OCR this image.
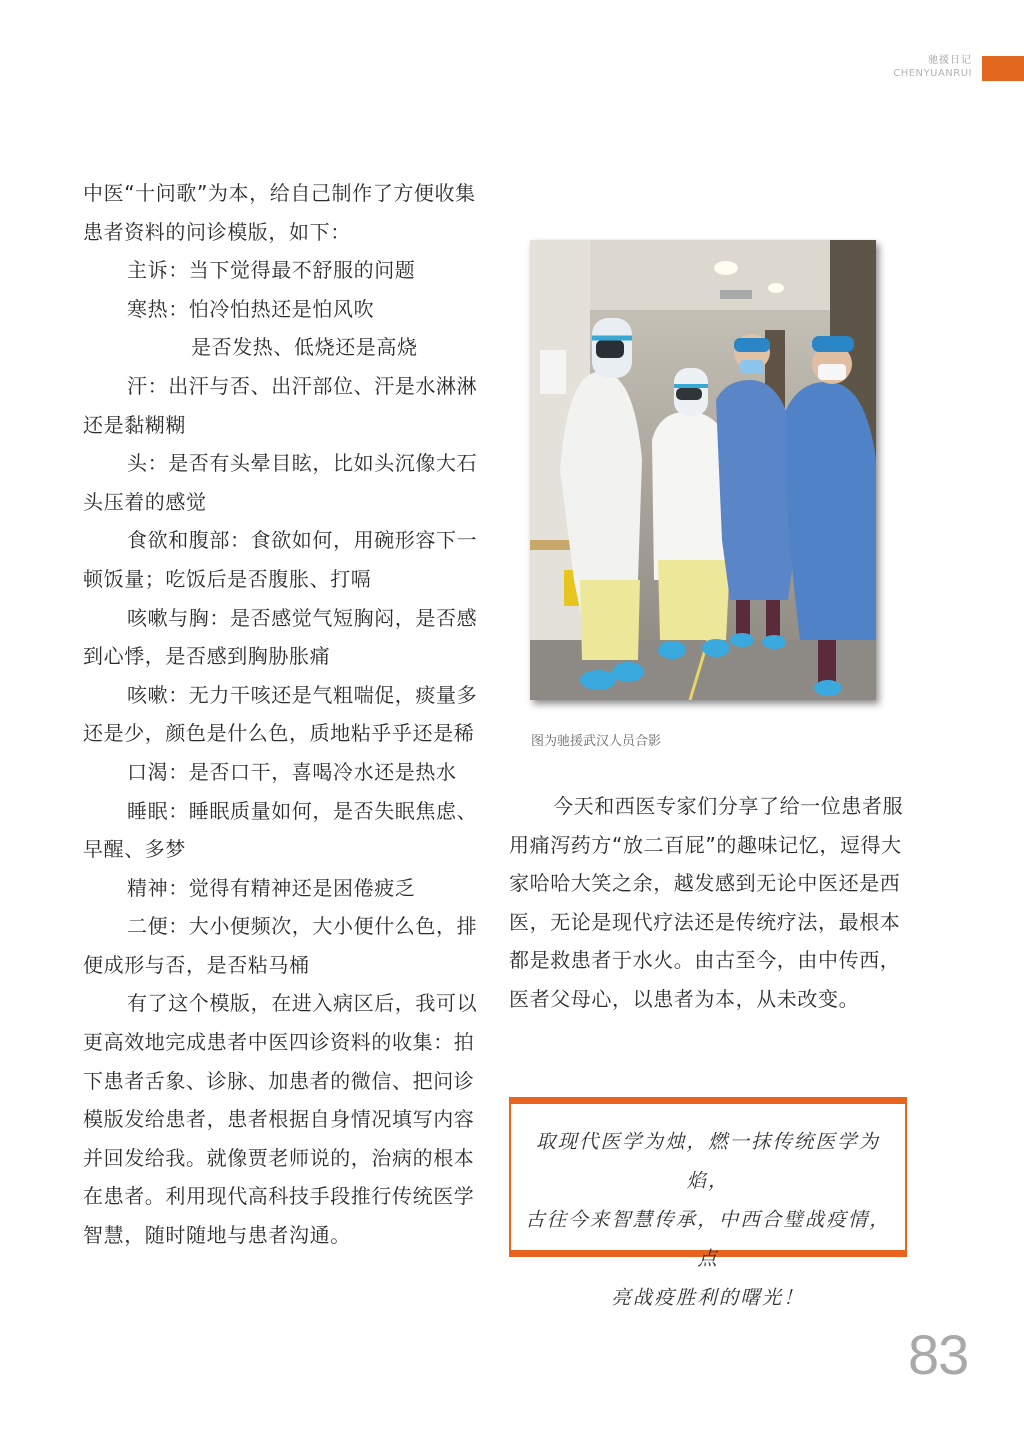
驰援日记
CHENYUANRUI

中医“十问歌”为本，给自己制作了方便收集患者资料的问诊模版，如下：

主诉：当下觉得最不舒服的问题

寒热：怕冷怕热还是怕风吹

是否发热、低烧还是高烧

汗：出汗与否、出汗部位、汗是水淋淋还是黏糊糊

头：是否有头晕目眩，比如头沉像大石头压着的感觉

食欲和腹部：食欲如何，用碗形容下一顿饭量；吃饭后是否腹胀、打嗝

咳嗽与胸：是否感觉气短胸闷，是否感到心悸，是否感到胸胁胀痛

咳嗽：无力干咳还是气粗喘促，痰量多还是少，颜色是什么色，质地粘乎乎还是稀

口渴：是否口干，喜喝冷水还是热水

睡眠：睡眠质量如何，是否失眠焦虑、早醒、多梦

精神：觉得有精神还是困倦疲乏

二便：大小便频次，大小便什么色，排便成形与否，是否粘马桶

有了这个模版，在进入病区后，我可以更高效地完成患者中医四诊资料的收集：拍下患者舌象、诊脉、加患者的微信、把问诊模版发给患者，患者根据自身情况填写内容并回发给我。就像贾老师说的，治病的根本在患者。利用现代高科技手段推行传统医学智慧，随时随地与患者沟通。

图为驰援武汉人员合影

今天和西医专家们分享了给一位患者服用痛泻药方“放二百屁”的趣味记忆，逗得大家哈哈大笑之余，越发感到无论中医还是西医，无论是现代疗法还是传统疗法，最根本都是救患者于水火。由古至今，由中传西，医者父母心，以患者为本，从未改变。

取现代医学为烛，燃一抹传统医学为焰，
古往今来智慧传承，中西合璧战疫情，点
亮战疫胜利的曙光！
83
